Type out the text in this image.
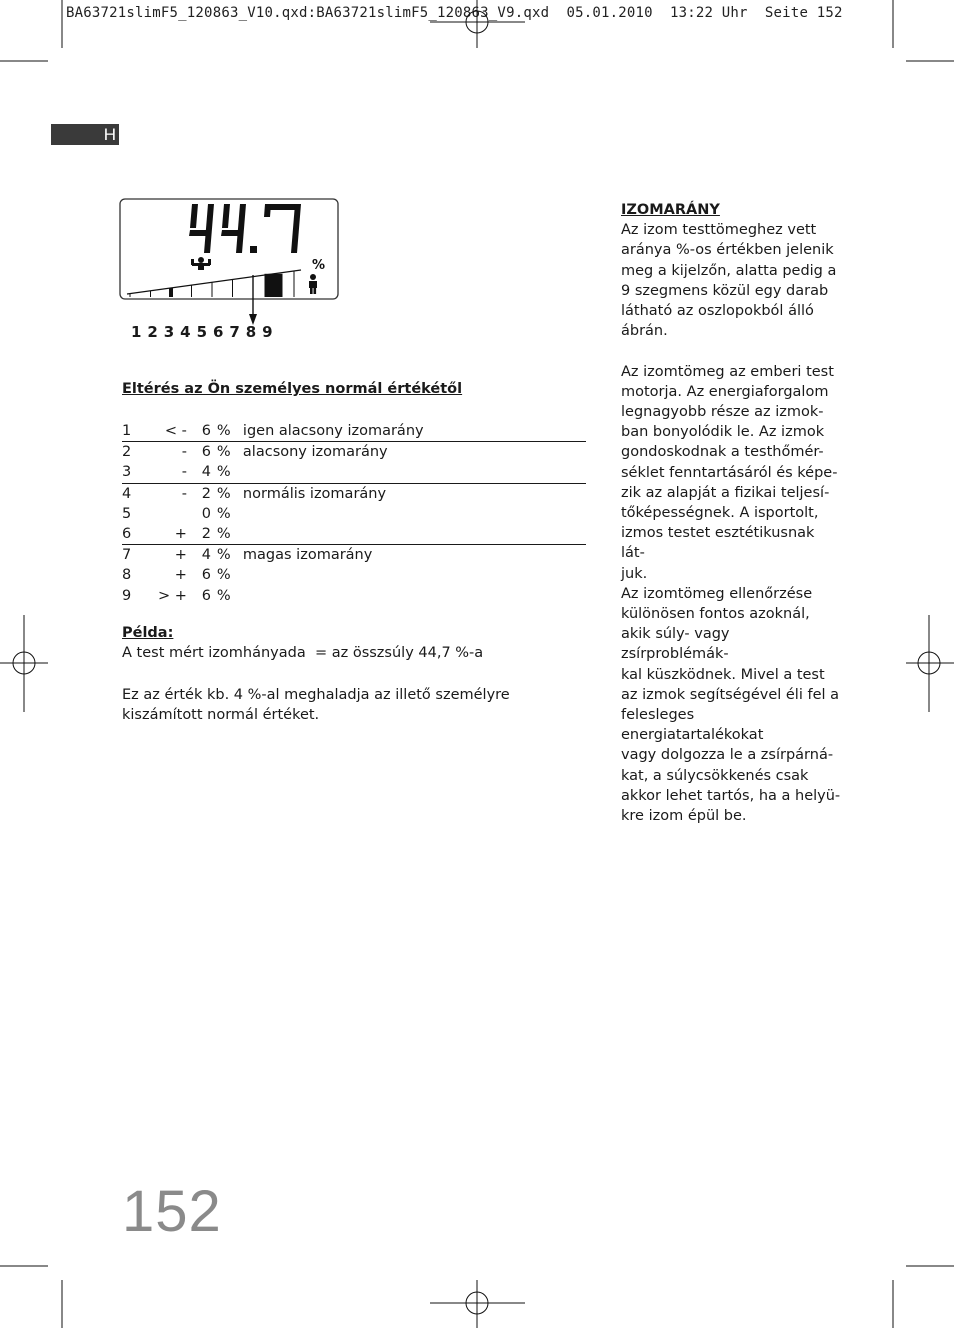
BA63721slimF5_120863_V10.qxd:BA63721slimF5_120863_V9.qxd  05.01.2010  13:22 Uhr  Seite 152
H
%
1 2 3 4 5 6 7 8 9
Eltérés az Ön személyes normál értékétől
1	< -	6	%	igen alacsony izomarány
2	-	6	%	alacsony izomarány
3	-	4	%	
4	-	2	%	normális izomarány
5		0	%	
6	+	2	%	
7	+	4	%	magas izomarány
8	+	6	%	
9	> +	6	%	
Példa:
A test mért izomhányada  = az összsúly 44,7 %-a
Ez az érték kb. 4 %-al meghaladja az illető személyre kiszámított normál értéket.
IZOMARÁNY

Az izom testtömeghez vett
aránya %-os értékben jelenik
meg a kijelzőn, alatta pedig a
9 szegmens közül egy darab
látható az oszlopokból álló
ábrán.

Az izomtömeg az emberi test
motorja. Az energiaforgalom
legnagyobb része az izmok-
ban bonyolódik le. Az izmok
gondoskodnak a testhőmér-
séklet fenntartásáról és képe-
zik az alapját a fizikai teljesí-
tőképességnek. A isportolt,
izmos testet esztétikusnak lát-
juk.

Az izomtömeg ellenőrzése
különösen fontos azoknál,
akik súly- vagy zsírproblémák-
kal küszködnek. Mivel a test
az izmok segítségével éli fel a
felesleges energiatartalékokat
vagy dolgozza le a zsírpárná-
kat, a súlycsökkenés csak
akkor lehet tartós, ha a helyü-
kre izom épül be.

152
